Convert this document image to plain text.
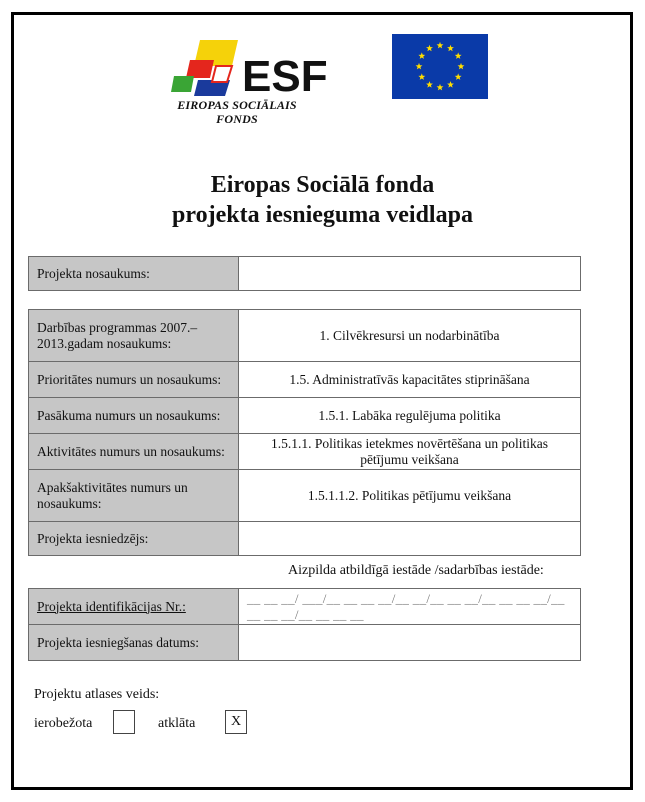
ESF
EIROPAS SOCIĀLAIS
FONDS
Eiropas Sociālā fonda
projekta iesnieguma veidlapa
Projekta nosaukums:	
Darbības programmas 2007.–2013.gadam nosaukums:	1. Cilvēkresursi un nodarbinātība
Prioritātes numurs un nosaukums:	1.5. Administratīvās kapacitātes stiprināšana
Pasākuma numurs un nosaukums:	1.5.1. Labāka regulējuma politika
Aktivitātes numurs un nosaukums:	1.5.1.1. Politikas ietekmes novērtēšana un politikas pētījumu veikšana
Apakšaktivitātes numurs un nosaukums:	1.5.1.1.2. Politikas pētījumu veikšana
Projekta iesniedzējs:	
Aizpilda atbildīgā iestāde /sadarbības iestāde:
Projekta identifikācijas Nr.:	__ __ __/ ___/__ __ __ __/__ __/__ __ __/__ __ __ __/__ __ __ __/__ __ __ __
Projekta iesniegšanas datums:	
Projektu atlases veids:
ierobežota	atklāta	X
